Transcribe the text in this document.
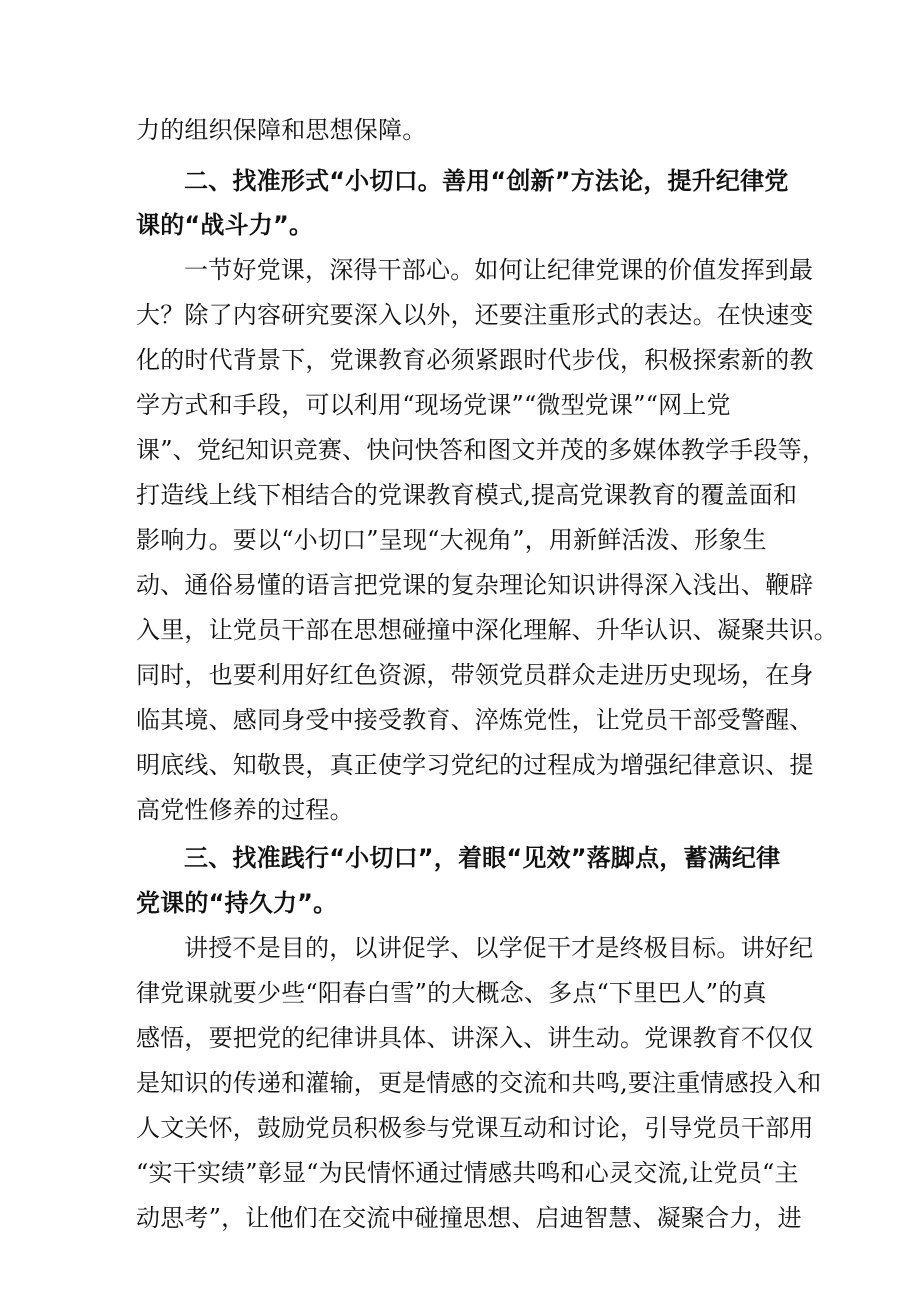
力的组织保障和思想保障。
二、找准形式“小切口。善用“创新”方法论，提升纪律党
课的“战斗力”。
一节好党课，深得干部心。如何让纪律党课的价值发挥到最
大？除了内容研究要深入以外，还要注重形式的表达。在快速变
化的时代背景下，党课教育必须紧跟时代步伐，积极探索新的教
学方式和手段，可以利用“现场党课”“微型党课”“网上党
课”、党纪知识竞赛、快问快答和图文并茂的多媒体教学手段等，
打造线上线下相结合的党课教育模式,提高党课教育的覆盖面和
影响力。要以“小切口”呈现“大视角”，用新鲜活泼、形象生
动、通俗易懂的语言把党课的复杂理论知识讲得深入浅出、鞭辟
入里，让党员干部在思想碰撞中深化理解、升华认识、凝聚共识。
同时，也要利用好红色资源，带领党员群众走进历史现场，在身
临其境、感同身受中接受教育、淬炼党性，让党员干部受警醒、
明底线、知敬畏，真正使学习党纪的过程成为增强纪律意识、提
高党性修养的过程。
三、找准践行“小切口”，着眼“见效”落脚点，蓄满纪律
党课的“持久力”。
讲授不是目的，以讲促学、以学促干才是终极目标。讲好纪
律党课就要少些“阳春白雪”的大概念、多点“下里巴人”的真
感悟，要把党的纪律讲具体、讲深入、讲生动。党课教育不仅仅
是知识的传递和灌输，更是情感的交流和共鸣,要注重情感投入和
人文关怀，鼓励党员积极参与党课互动和讨论，引导党员干部用
“实干实绩”彰显“为民情怀通过情感共鸣和心灵交流,让党员“主
动思考”，让他们在交流中碰撞思想、启迪智慧、凝聚合力，进
